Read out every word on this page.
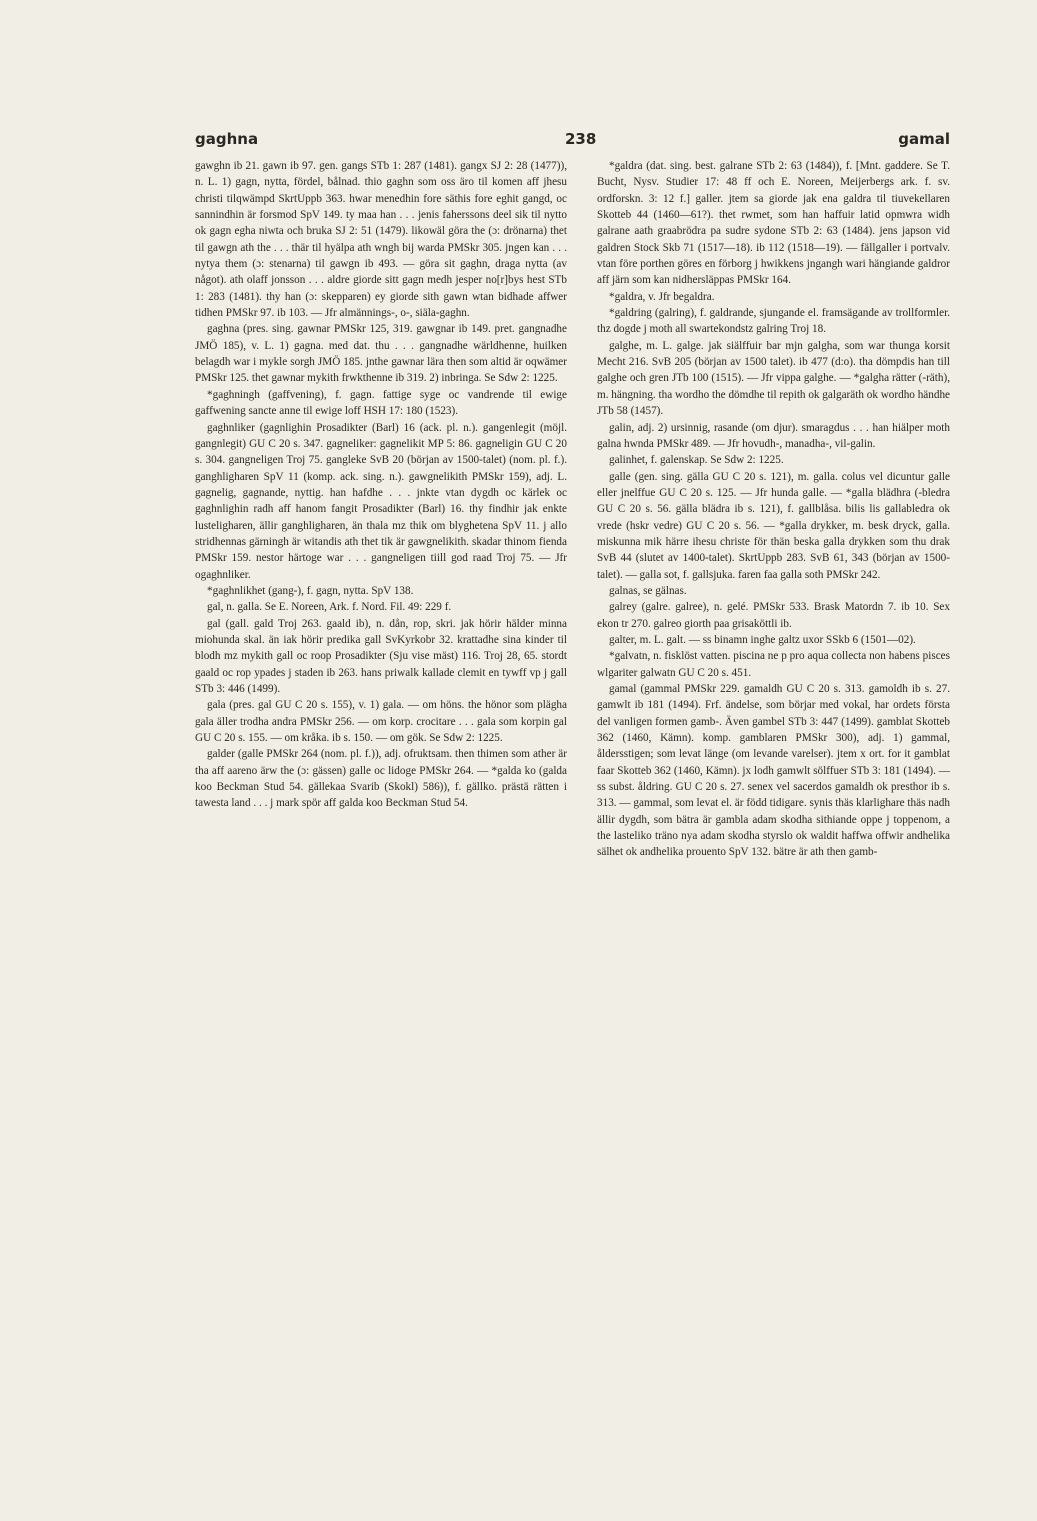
gaghna	238	gamal

gawghn ib 21. gawn ib 97. gen. gangs STb 1: 287 (1481). gangx SJ 2: 28 (1477)), n. L. 1) gagn, nytta, fördel, bålnad. thio gaghn som oss äro til komen aff jhesu christi tilqwämpd SkrtUppb 363. hwar menedhin fore säthis fore eghit gangd, oc sannindhin är forsmod SpV 149. ty maa han . . . jenis faherssons deel sik til nytto ok gagn egha niwta och bruka SJ 2: 51 (1479). likowäl göra the (ɔ: drönarna) thet til gawgn ath the . . . thär til hyälpa ath wngh bij warda PMSkr 305. jngen kan . . . nytya them (ɔ: stenarna) til gawgn ib 493. — göra sit gaghn, draga nytta (av något). ath olaff jonsson . . . aldre giorde sitt gagn medh jesper no[r]bys hest STb 1: 283 (1481). thy han (ɔ: skepparen) ey giorde sith gawn wtan bidhade affwer tidhen PMSkr 97. ib 103. — Jfr almännings-, o-, siäla-gaghn.

gaghna (pres. sing. gawnar PMSkr 125, 319. gawgnar ib 149. pret. gangnadhe JMÖ 185), v. L. 1) gagna. med dat. thu . . . gangnadhe wärldhenne, huilken belagdh war i mykle sorgh JMÖ 185. jnthe gawnar lära then som altid är oqwämer PMSkr 125. thet gawnar mykith frwkthenne ib 319. 2) inbringa. Se Sdw 2: 1225.

*gaghningh (gaffvening), f. gagn. fattige syge oc vandrende til ewige gaffwening sancte anne til ewige loff HSH 17: 180 (1523).

gaghnliker (gagnlighin Prosadikter (Barl) 16 (ack. pl. n.). gangenlegit (möjl. gangnlegit) GU C 20 s. 347. gagneliker: gagnelikit MP 5: 86. gagneligin GU C 20 s. 304. gangneligen Troj 75. gangleke SvB 20 (början av 1500-talet) (nom. pl. f.). ganghligharen SpV 11 (komp. ack. sing. n.). gawgnelikith PMSkr 159), adj. L. gagnelig, gagnande, nyttig. han hafdhe . . . jnkte vtan dygdh oc kärlek oc gaghnlighin radh aff hanom fangit Prosadikter (Barl) 16. thy findhir jak enkte lusteligharen, ällir ganghligharen, än thala mz thik om blyghetena SpV 11. j allo stridhennas gärningh är witandis ath thet tik är gawgnelikith. skadar thinom fienda PMSkr 159. nestor härtoge war . . . gangneligen tiill god raad Troj 75. — Jfr ogaghnliker.

*gaghnlikhet (gang-), f. gagn, nytta. SpV 138.

gal, n. galla. Se E. Noreen, Ark. f. Nord. Fil. 49: 229 f.

gal (gall. gald Troj 263. gaald ib), n. dån, rop, skri. jak hörir hälder minna miohunda skal. än iak hörir predika gall SvKyrkobr 32. krattadhe sina kinder til blodh mz mykith gall oc roop Prosadikter (Sju vise mäst) 116. Troj 28, 65. stordt gaald oc rop ypades j staden ib 263. hans priwalk kallade clemit en tywff vp j gall STb 3: 446 (1499).

gala (pres. gal GU C 20 s. 155), v. 1) gala. — om höns. the hönor som plägha gala äller trodha andra PMSkr 256. — om korp. crocitare . . . gala som korpin gal GU C 20 s. 155. — om kråka. ib s. 150. — om gök. Se Sdw 2: 1225.

galder (galle PMSkr 264 (nom. pl. f.)), adj. ofruktsam. then thimen som ather är tha aff aareno ärw the (ɔ: gässen) galle oc lidoge PMSkr 264. — *galda ko (galda koo Beckman Stud 54. gällekaa Svarib (Skokl) 586)), f. gällko. prästä rätten i tawesta land . . . j mark spör aff galda koo Beckman Stud 54.

*galdra (dat. sing. best. galrane STb 2: 63 (1484)), f. [Mnt. gaddere. Se T. Bucht, Nysv. Studier 17: 48 ff och E. Noreen, Meijerbergs ark. f. sv. ordforskn. 3: 12 f.] galler. jtem sa giorde jak ena galdra til tiuvekellaren Skotteb 44 (1460—61?). thet rwmet, som han haffuir latid opmwra widh galrane aath graabrödra pa sudre sydone STb 2: 63 (1484). jens japson vid galdren Stock Skb 71 (1517—18). ib 112 (1518—19). — fällgaller i portvalv. vtan före porthen göres en förborg j hwikkens jngangh wari hängiande galdror aff järn som kan nidhersläppas PMSkr 164.

*galdra, v. Jfr begaldra.

*galdring (galring), f. galdrande, sjungande el. framsägande av trollformler. thz dogde j moth all swartekondstz galring Troj 18.

galghe, m. L. galge. jak siälffuir bar mjn galgha, som war thunga korsit Mecht 216. SvB 205 (början av 1500 talet). ib 477 (d:o). tha dömpdis han till galghe och gren JTb 100 (1515). — Jfr vippa galghe. — *galgha rätter (-räth), m. hängning. tha wordho the dömdhe til repith ok galgaräth ok wordho händhe JTb 58 (1457).

galin, adj. 2) ursinnig, rasande (om djur). smaragdus . . . han hiälper moth galna hwnda PMSkr 489. — Jfr hovudh-, manadha-, vil-galin.

galinhet, f. galenskap. Se Sdw 2: 1225.

galle (gen. sing. gälla GU C 20 s. 121), m. galla. colus vel dicuntur galle eller jnelffue GU C 20 s. 125. — Jfr hunda galle. — *galla blädhra (-bledra GU C 20 s. 56. gälla blädra ib s. 121), f. gallblåsa. bilis lis gallabledra ok vrede (hskr vedre) GU C 20 s. 56. — *galla drykker, m. besk dryck, galla. miskunna mik härre ihesu christe för thän beska galla drykken som thu drak SvB 44 (slutet av 1400-talet). SkrtUppb 283. SvB 61, 343 (början av 1500-talet). — galla sot, f. gallsjuka. faren faa galla soth PMSkr 242.

galnas, se gälnas.

galrey (galre. galree), n. gelé. PMSkr 533. Brask Matordn 7. ib 10. Sex ekon tr 270. galreo giorth paa grisaköttli ib.

galter, m. L. galt. — ss binamn inghe galtz uxor SSkb 6 (1501—02).

*galvatn, n. fisklöst vatten. piscina ne p pro aqua collecta non habens pisces wlgariter galwatn GU C 20 s. 451.

gamal (gammal PMSkr 229. gamaldh GU C 20 s. 313. gamoldh ib s. 27. gamwlt ib 181 (1494). Frf. ändelse, som börjar med vokal, har ordets första del vanligen formen gamb-. Även gambel STb 3: 447 (1499). gamblat Skotteb 362 (1460, Kämn). komp. gamblaren PMSkr 300), adj. 1) gammal, åldersstigen; som levat länge (om levande varelser). jtem x ort. for it gamblat faar Skotteb 362 (1460, Kämn). jx lodh gamwlt sölffuer STb 3: 181 (1494). — ss subst. åldring. GU C 20 s. 27. senex vel sacerdos gamaldh ok presthor ib s. 313. — gammal, som levat el. är född tidigare. synis thäs klarlighare thäs nadh ällir dygdh, som bätra är gambla adam skodha sithiande oppe j toppenom, a the lasteliko träno nya adam skodha styrslo ok waldit haffwa offwir andhelika sälhet ok andhelika prouento SpV 132. bätre är ath then gamb-
